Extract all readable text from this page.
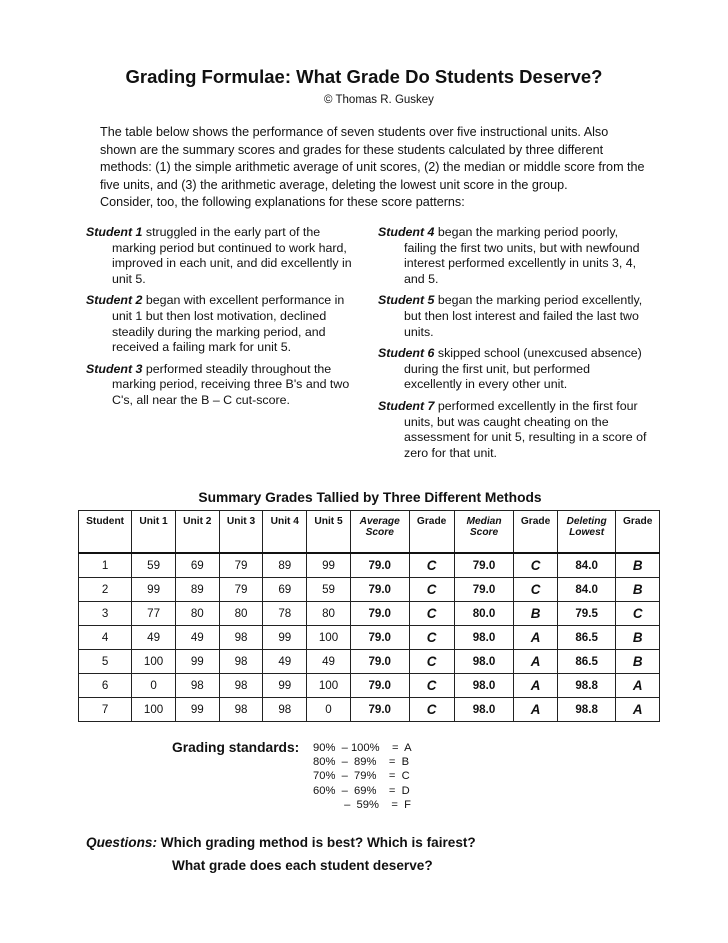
Grading Formulae: What Grade Do Students Deserve?
© Thomas R. Guskey

The table below shows the performance of seven students over five instructional units. Also shown are the summary scores and grades for these students calculated by three different methods: (1) the simple arithmetic average of unit scores, (2) the median or middle score from the five units, and (3) the arithmetic average, deleting the lowest unit score in the group.

Consider, too, the following explanations for these score patterns:

Student 1 struggled in the early part of the marking period but continued to work hard, improved in each unit, and did excellently in unit 5.

Student 2 began with excellent performance in unit 1 but then lost motivation, declined steadily during the marking period, and received a failing mark for unit 5.

Student 3 performed steadily throughout the marking period, receiving three B's and two C's, all near the B – C cut-score.

Student 4 began the marking period poorly, failing the first two units, but with newfound interest performed excellently in units 3, 4, and 5.

Student 5 began the marking period excellently, but then lost interest and failed the last two units.

Student 6 skipped school (unexcused absence) during the first unit, but performed excellently in every other unit.

Student 7 performed excellently in the first four units, but was caught cheating on the assessment for unit 5, resulting in a score of zero for that unit.

Summary Grades Tallied by Three Different Methods
Student	Unit 1	Unit 2	Unit 3	Unit 4	Unit 5	Average Score	Grade	Median Score	Grade	Deleting Lowest	Grade
1	59	69	79	89	99	79.0	C	79.0	C	84.0	B
2	99	89	79	69	59	79.0	C	79.0	C	84.0	B
3	77	80	80	78	80	79.0	C	80.0	B	79.5	C
4	49	49	98	99	100	79.0	C	98.0	A	86.5	B
5	100	99	98	49	49	79.0	C	98.0	A	86.5	B
6	0	98	98	99	100	79.0	C	98.0	A	98.8	A
7	100	99	98	98	0	79.0	C	98.0	A	98.8	A
Grading standards: 90%  – 100%    =  A
80%  –  89%    =  B
70%  –  79%    =  C
60%  –  69%    =  D
–  59%    =  F
Questions: Which grading method is best? Which is fairest?
What grade does each student deserve?
